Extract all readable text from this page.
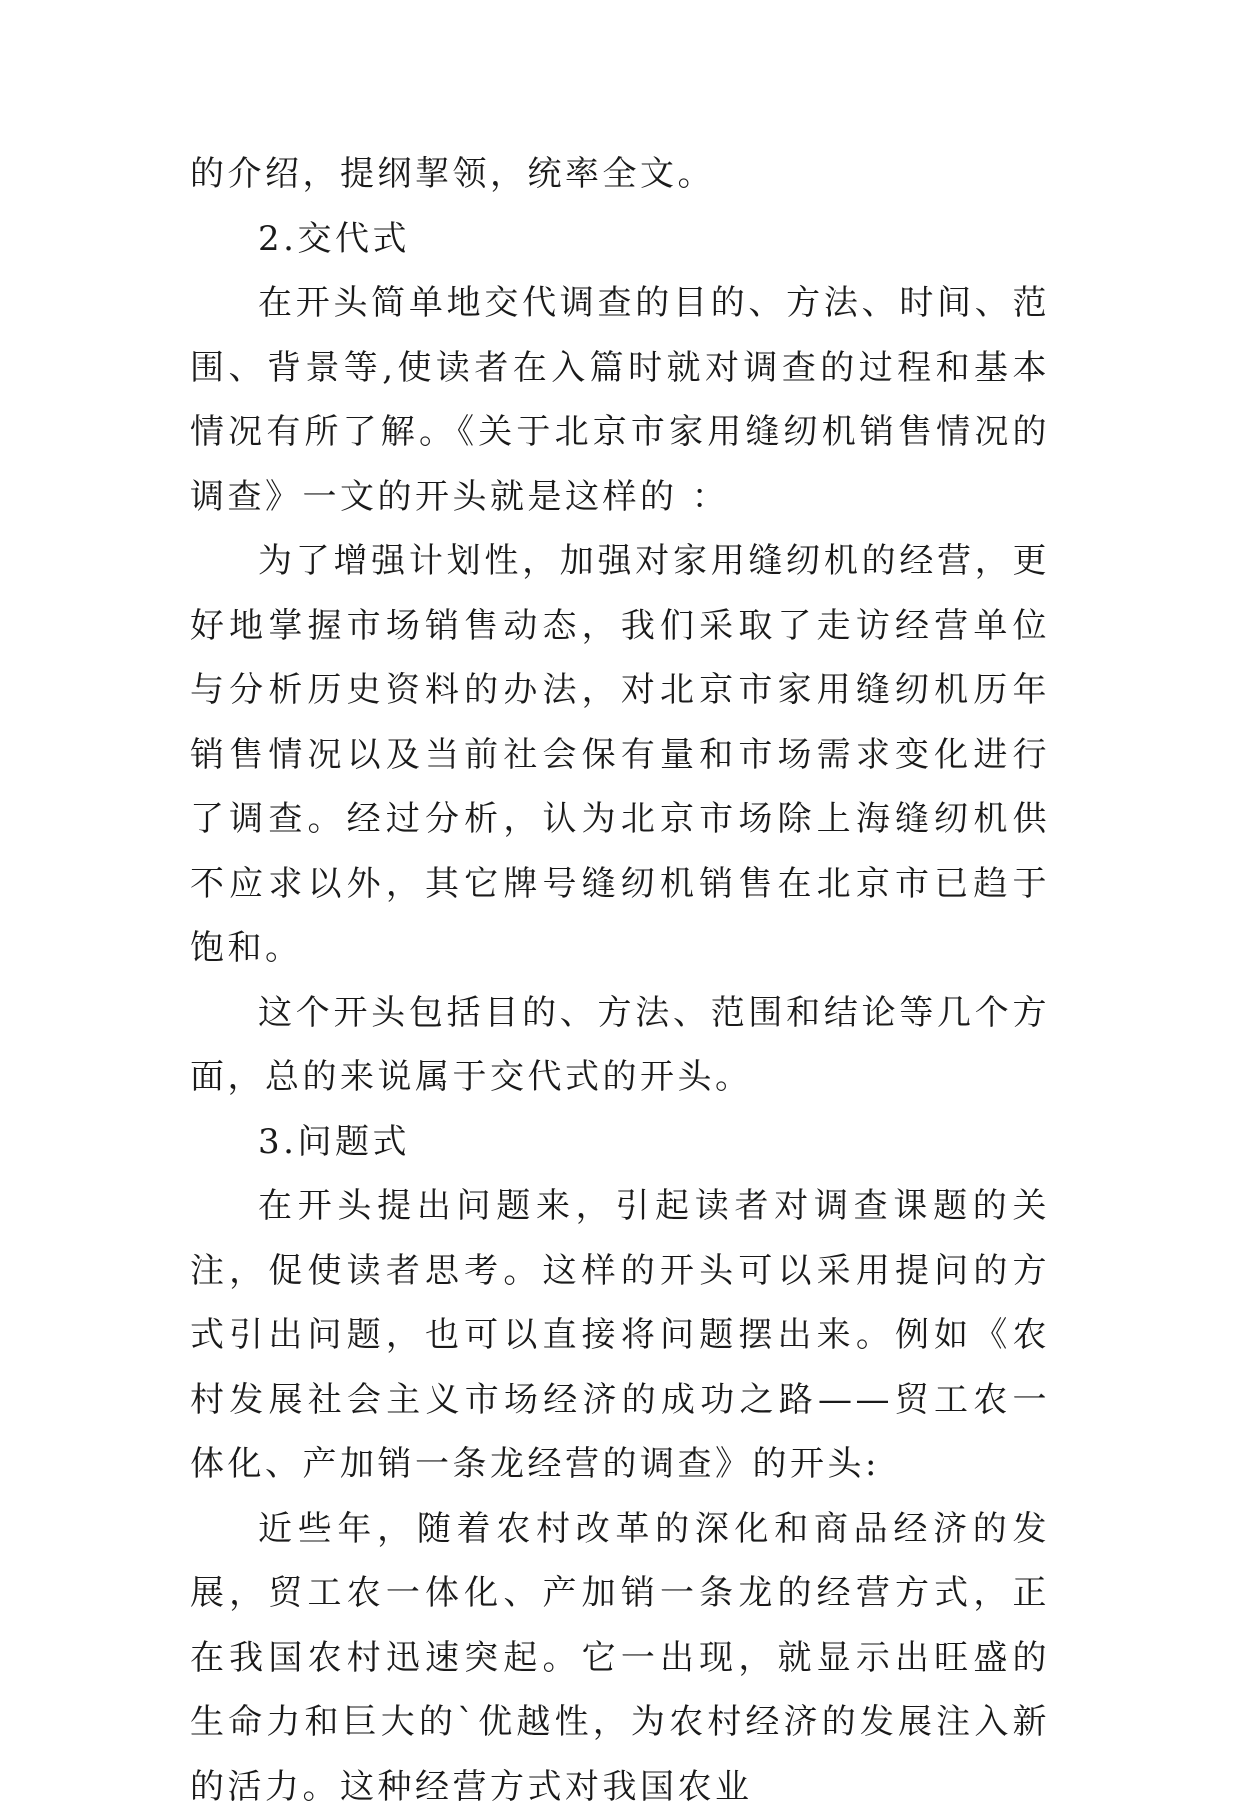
的介绍，提纲挈领，统率全文。

2.交代式

在开头简单地交代调查的目的、方法、时间、范围、背景等,使读者在入篇时就对调查的过程和基本情况有所了解。《关于北京市家用缝纫机销售情况的调查》一文的开头就是这样的 ：

为了增强计划性，加强对家用缝纫机的经营，更好地掌握市场销售动态，我们采取了走访经营单位与分析历史资料的办法，对北京市家用缝纫机历年销售情况以及当前社会保有量和市场需求变化进行了调查。经过分析，认为北京市场除上海缝纫机供不应求以外，其它牌号缝纫机销售在北京市已趋于饱和。

这个开头包括目的、方法、范围和结论等几个方面，总的来说属于交代式的开头。

3.问题式

在开头提出问题来，引起读者对调查课题的关注，促使读者思考。这样的开头可以采用提问的方式引出问题，也可以直接将问题摆出来。例如《农村发展社会主义市场经济的成功之路——贸工农一体化、产加销一条龙经营的调查》的开头:

近些年，随着农村改革的深化和商品经济的发展，贸工农一体化、产加销一条龙的经营方式，正在我国农村迅速突起。它一出现，就显示出旺盛的生命力和巨大的`优越性，为农村经济的发展注入新的活力。这种经营方式对我国农业
